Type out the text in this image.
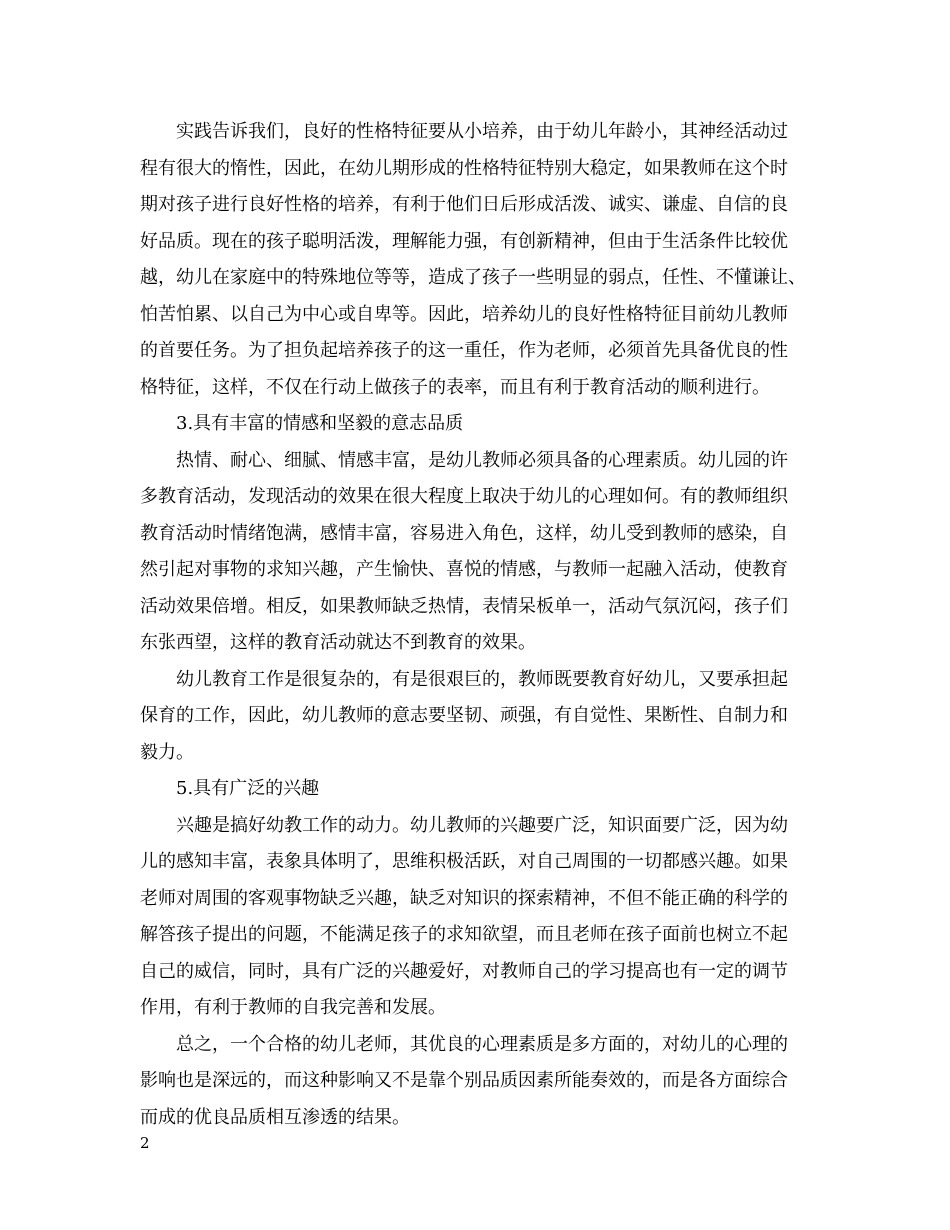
实践告诉我们，良好的性格特征要从小培养，由于幼儿年龄小，其神经活动过
程有很大的惰性，因此，在幼儿期形成的性格特征特别大稳定，如果教师在这个时
期对孩子进行良好性格的培养，有利于他们日后形成活泼、诚实、谦虚、自信的良
好品质。现在的孩子聪明活泼，理解能力强，有创新精神，但由于生活条件比较优
越，幼儿在家庭中的特殊地位等等，造成了孩子一些明显的弱点，任性、不懂谦让、
怕苦怕累、以自己为中心或自卑等。因此，培养幼儿的良好性格特征目前幼儿教师
的首要任务。为了担负起培养孩子的这一重任，作为老师，必须首先具备优良的性
格特征，这样，不仅在行动上做孩子的表率，而且有利于教育活动的顺利进行。
3.具有丰富的情感和坚毅的意志品质
热情、耐心、细腻、情感丰富，是幼儿教师必须具备的心理素质。幼儿园的许
多教育活动，发现活动的效果在很大程度上取决于幼儿的心理如何。有的教师组织
教育活动时情绪饱满，感情丰富，容易进入角色，这样，幼儿受到教师的感染，自
然引起对事物的求知兴趣，产生愉快、喜悦的情感，与教师一起融入活动，使教育
活动效果倍增。相反，如果教师缺乏热情，表情呆板单一，活动气氛沉闷，孩子们
东张西望，这样的教育活动就达不到教育的效果。
幼儿教育工作是很复杂的，有是很艰巨的，教师既要教育好幼儿，又要承担起
保育的工作，因此，幼儿教师的意志要坚韧、顽强，有自觉性、果断性、自制力和
毅力。
5.具有广泛的兴趣
兴趣是搞好幼教工作的动力。幼儿教师的兴趣要广泛，知识面要广泛，因为幼
儿的感知丰富，表象具体明了，思维积极活跃，对自己周围的一切都感兴趣。如果
老师对周围的客观事物缺乏兴趣，缺乏对知识的探索精神，不但不能正确的科学的
解答孩子提出的问题，不能满足孩子的求知欲望，而且老师在孩子面前也树立不起
自己的威信，同时，具有广泛的兴趣爱好，对教师自己的学习提高也有一定的调节
作用，有利于教师的自我完善和发展。
总之，一个合格的幼儿老师，其优良的心理素质是多方面的，对幼儿的心理的
影响也是深远的，而这种影响又不是靠个别品质因素所能奏效的，而是各方面综合
而成的优良品质相互渗透的结果。
2
